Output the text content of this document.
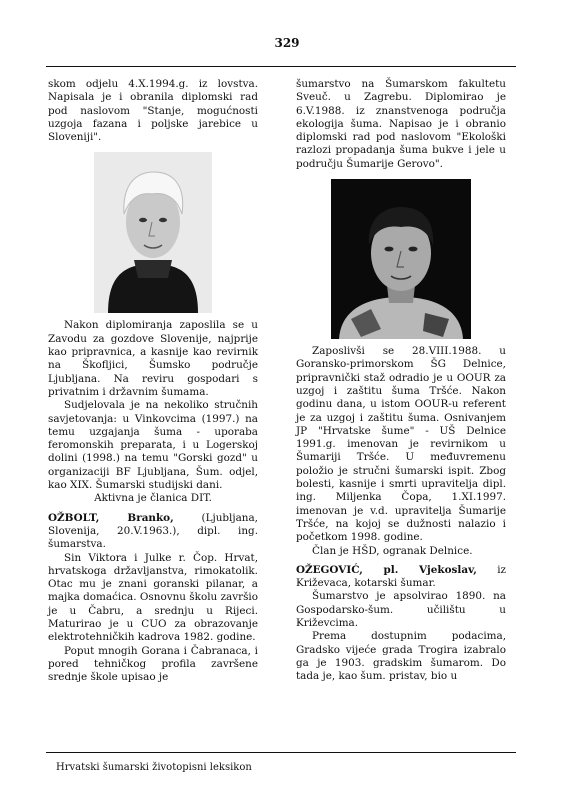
329

skom odjelu 4.X.1994.g. iz lovstva. Napisala je i obranila diplomski rad pod naslovom "Stanje, mogućnosti uzgoja fazana i poljske jarebice u Sloveniji".

Nakon diplomiranja zaposlila se u Zavodu za gozdove Slovenije, najprije kao pripravnica, a kasnije kao revirnik na Škofljici, Šumsko područje Ljubljana. Na reviru gospodari s privatnim i državnim šumama.

Sudjelovala je na nekoliko stručnih savjetovanja: u Vinkovcima (1997.) na temu uzgajanja šuma - uporaba feromonskih preparata, i u Logerskoj dolini (1998.) na temu "Gorski gozd" u organizaciji BF Ljubljana, Šum. odjel, kao XIX. Šumarski studijski dani.

Aktivna je članica DIT.

OŽBOLT, Branko, (Ljubljana, Slovenija, 20.V.1963.), dipl. ing. šumarstva.

Sin Viktora i Julke r. Čop. Hrvat, hrvatskoga državljanstva, rimokatolik. Otac mu je znani goranski pilanar, a majka domaćica. Osnovnu školu završio je u Čabru, a srednju u Rijeci. Maturirao je u CUO za obrazovanje elektrotehničkih kadrova 1982. godine.

Poput mnogih Gorana i Čabranaca, i pored tehničkog profila završene srednje škole upisao je

šumarstvo na Šumarskom fakultetu Sveuč. u Zagrebu. Diplomirao je 6.V.1988. iz znanstvenoga područja ekologija šuma. Napisao je i obranio diplomski rad pod naslovom "Ekološki razlozi propadanja šuma bukve i jele u području Šumarije Gerovo".

Zaposlivši se 28.VIII.1988. u Goransko-primorskom ŠG Delnice, pripravnički staž odradio je u OOUR za uzgoj i zaštitu šuma Tršće. Nakon godinu dana, u istom OOUR-u referent je za uzgoj i zaštitu šuma. Osnivanjem JP "Hrvatske šume" - UŠ Delnice 1991.g. imenovan je revirnikom u Šumariji Tršće. U međuvremenu položio je stručni šumarski ispit. Zbog bolesti, kasnije i smrti upravitelja dipl. ing. Miljenka Čopa, 1.XI.1997. imenovan je v.d. upravitelja Šumarije Tršće, na kojoj se dužnosti nalazio i početkom 1998. godine.

Član je HŠD, ogranak Delnice.

OŽEGOVIĆ, pl. Vjekoslav, iz Križevaca, kotarski šumar.

Šumarstvo je apsolvirao 1890. na Gospodarsko-šum. učilištu u Križevcima.

Prema dostupnim podacima, Gradsko vijeće grada Trogira izabralo ga je 1903. gradskim šumarom. Do tada je, kao šum. pristav, bio u

Hrvatski šumarski životopisni leksikon
